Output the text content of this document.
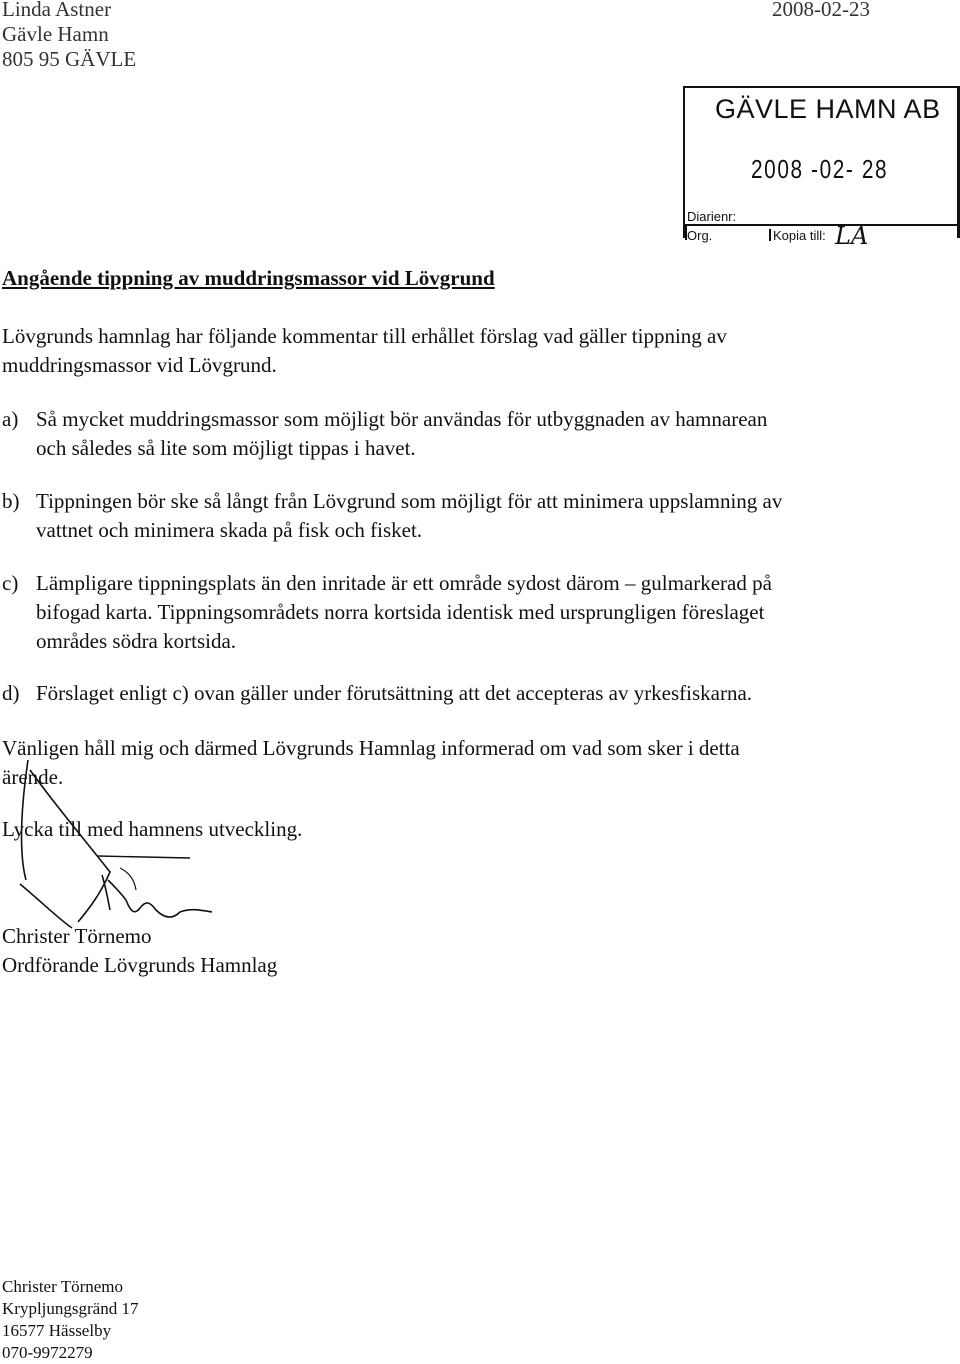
Linda Astner
Gävle Hamn
805 95 GÄVLE
2008-02-23
GÄVLE HAMN AB
2008 -02- 28
Diarienr:
Org.	Kopia till: LA
Angående tippning av muddringsmassor vid Lövgrund
Lövgrunds hamnlag har följande kommentar till erhållet förslag vad gäller tippning av
muddringsmassor vid Lövgrund.
a) Så mycket muddringsmassor som möjligt bör användas för utbyggnaden av hamnarean
och således så lite som möjligt tippas i havet.
b) Tippningen bör ske så långt från Lövgrund som möjligt för att minimera uppslamning av
vattnet och minimera skada på fisk och fisket.
c) Lämpligare tippningsplats än den inritade är ett område sydost därom – gulmarkerad på
bifogad karta. Tippningsområdets norra kortsida identisk med ursprungligen föreslaget
områdes södra kortsida.
d) Förslaget enligt c) ovan gäller under förutsättning att det accepteras av yrkesfiskarna.
Vänligen håll mig och därmed Lövgrunds Hamnlag informerad om vad som sker i detta
ärende.
Lycka till med hamnens utveckling.
Christer Törnemo
Ordförande Lövgrunds Hamnlag
Christer Törnemo
Krypljungsgränd 17
16577 Hässelby
070-9972279
